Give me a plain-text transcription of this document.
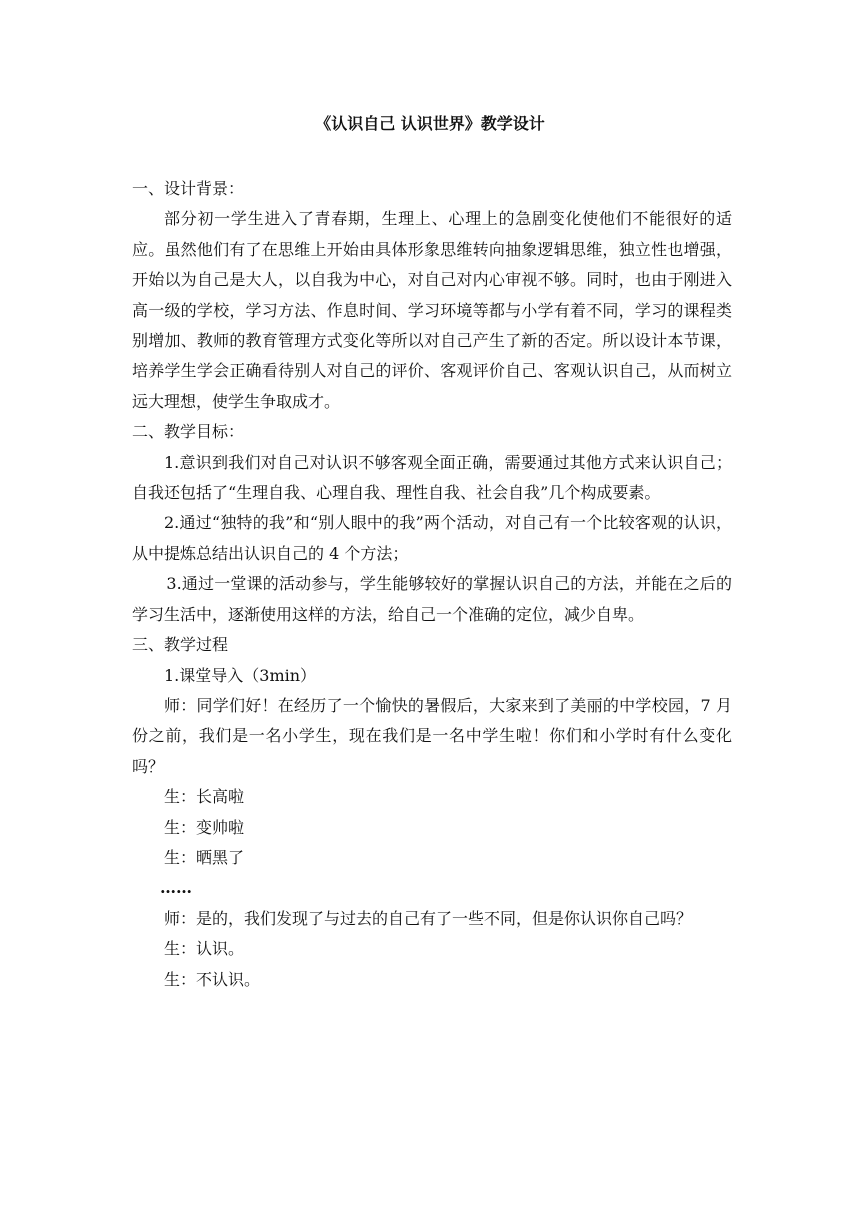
《认识自己 认识世界》教学设计

一、设计背景：

部分初一学生进入了青春期，生理上、心理上的急剧变化使他们不能很好的适应。虽然他们有了在思维上开始由具体形象思维转向抽象逻辑思维，独立性也增强，开始以为自己是大人，以自我为中心，对自己对内心审视不够。同时，也由于刚进入高一级的学校，学习方法、作息时间、学习环境等都与小学有着不同，学习的课程类别增加、教师的教育管理方式变化等所以对自己产生了新的否定。所以设计本节课，培养学生学会正确看待别人对自己的评价、客观评价自己、客观认识自己，从而树立远大理想，使学生争取成才。

二、教学目标：

1.意识到我们对自己对认识不够客观全面正确，需要通过其他方式来认识自己；自我还包括了“生理自我、心理自我、理性自我、社会自我”几个构成要素。

2.通过“独特的我”和“别人眼中的我”两个活动，对自己有一个比较客观的认识，从中提炼总结出认识自己的 4 个方法；

3.通过一堂课的活动参与，学生能够较好的掌握认识自己的方法，并能在之后的学习生活中，逐渐使用这样的方法，给自己一个准确的定位，减少自卑。

三、教学过程

1.课堂导入（3min）

师：同学们好！在经历了一个愉快的暑假后，大家来到了美丽的中学校园，7 月份之前，我们是一名小学生，现在我们是一名中学生啦！你们和小学时有什么变化吗？

生：长高啦

生：变帅啦

生：晒黑了

……

师：是的，我们发现了与过去的自己有了一些不同，但是你认识你自己吗？

生：认识。

生：不认识。
